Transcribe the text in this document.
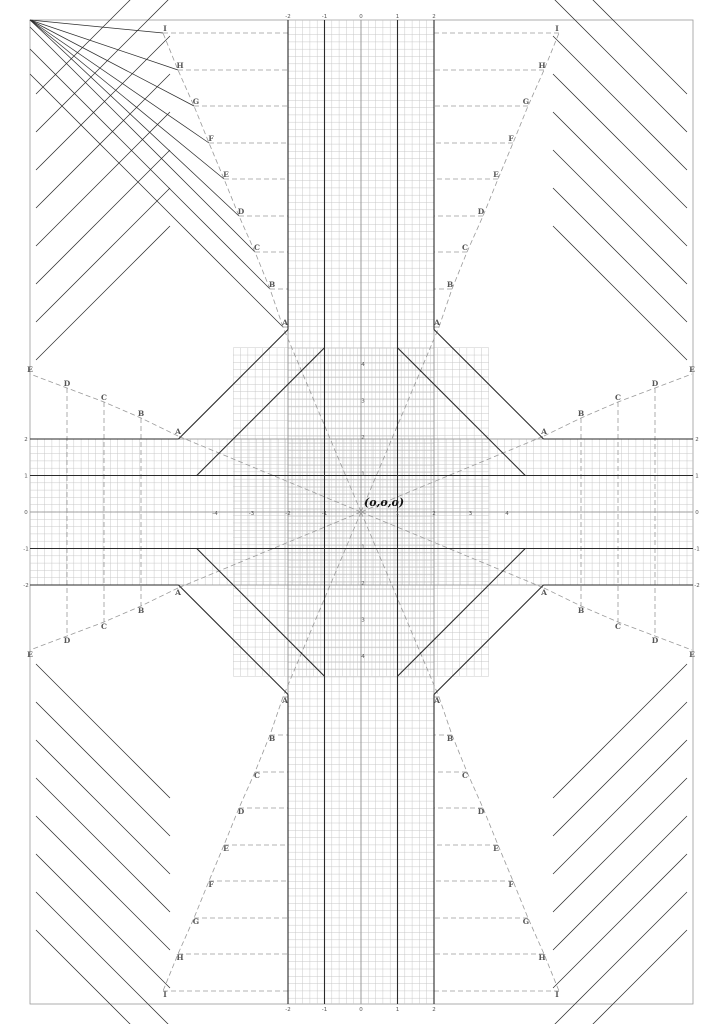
-2	-1	0	1	2
-2	-1	0	1	2
2
1
0
-1
-2
2
1
0
-1
-2
-4	-3	-2	-1	1	2	3	4
4
3
2
1
1
2
3
4
A	A
A	A
B	B
B	B
C	C
C	C
D	D
D	D
E	E
E	E
F	F
F	F
G	G
G	G
H	H
H	H
I	I
I	I
A	A
A	A
B	B
B	B
C	C
C	C
D	D
D	D
E	E
E	E
(o,o,o)
